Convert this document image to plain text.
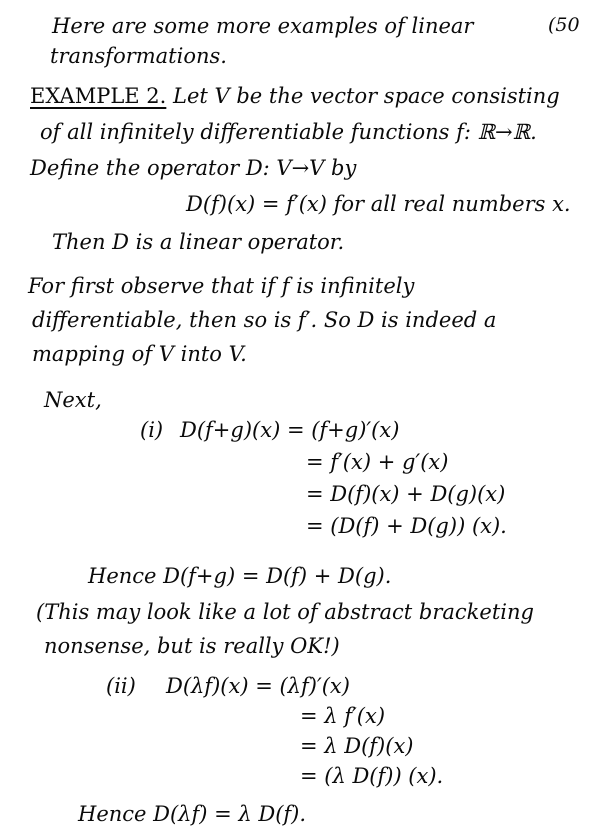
(50
Here are some more examples of linear
transformations.
EXAMPLE 2. Let V be the vector space consisting
of all infinitely differentiable functions f: ℝ→ℝ.
Define the operator D: V→V by
D(f)(x) = f′(x) for all real numbers x.
Then D is a linear operator.
For first observe that if f is infinitely
differentiable, then so is f′. So D is indeed a
mapping of V into V.
Next,
(i) D(f+g)(x) = (f+g)′(x)
= f′(x) + g′(x)
= D(f)(x) + D(g)(x)
= (D(f) + D(g)) (x).
Hence D(f+g) = D(f) + D(g).
(This may look like a lot of abstract bracketing
nonsense, but is really OK!)
(ii) D(λf)(x) = (λf)′(x)
= λ f′(x)
= λ D(f)(x)
= (λ D(f)) (x).
Hence D(λf) = λ D(f).
